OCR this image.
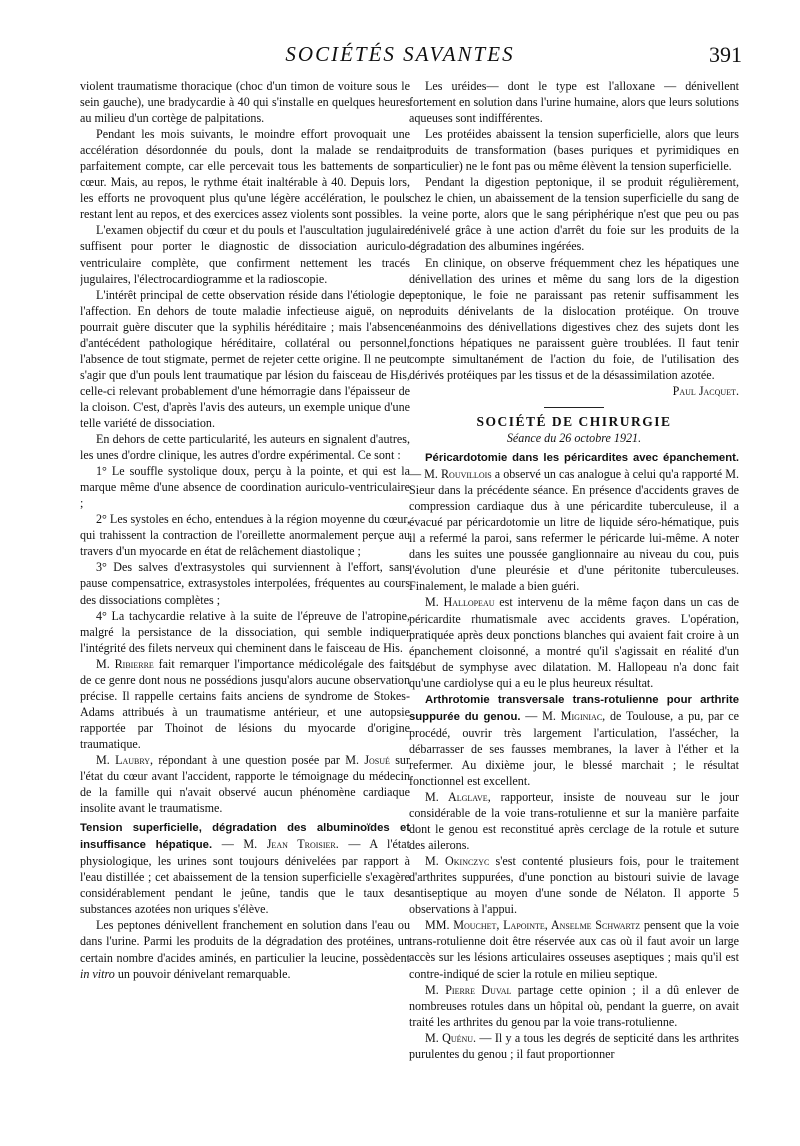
SOCIÉTÉS SAVANTES	391

violent traumatisme thoracique (choc d'un timon de voiture sous le sein gauche), une bradycardie à 40 qui s'installe en quelques heures au milieu d'un cortège de palpitations.

Pendant les mois suivants, le moindre effort provoquait une accélération désordonnée du pouls, dont la malade se rendait parfaitement compte, car elle percevait tous les battements de son cœur. Mais, au repos, le rythme était inaltérable à 40. Depuis lors, les efforts ne provoquent plus qu'une légère accélération, le pouls restant lent au repos, et des exercices assez violents sont possibles.

L'examen objectif du cœur et du pouls et l'auscultation jugulaire suffisent pour porter le diagnostic de dissociation auriculo-ventriculaire complète, que confirment nettement les tracés jugulaires, l'électrocardiogramme et la radioscopie.

L'intérêt principal de cette observation réside dans l'étiologie de l'affection. En dehors de toute maladie infectieuse aiguë, on ne pourrait guère discuter que la syphilis héréditaire ; mais l'absence d'antécédent pathologique héréditaire, collatéral ou personnel, l'absence de tout stigmate, permet de rejeter cette origine. Il ne peut s'agir que d'un pouls lent traumatique par lésion du faisceau de His, celle-ci relevant probablement d'une hémorragie dans l'épaisseur de la cloison. C'est, d'après l'avis des auteurs, un exemple unique d'une telle variété de dissociation.

En dehors de cette particularité, les auteurs en signalent d'autres, les unes d'ordre clinique, les autres d'ordre expérimental. Ce sont :

1° Le souffle systolique doux, perçu à la pointe, et qui est la marque même d'une absence de coordination auriculo-ventriculaire ;

2° Les systoles en écho, entendues à la région moyenne du cœur, qui trahissent la contraction de l'oreillette anormalement perçue au travers d'un myocarde en état de relâchement diastolique ;

3° Des salves d'extrasystoles qui surviennent à l'effort, sans pause compensatrice, extrasystoles interpolées, fréquentes au cours des dissociations complètes ;

4° La tachycardie relative à la suite de l'épreuve de l'atropine, malgré la persistance de la dissociation, qui semble indiquer l'intégrité des filets nerveux qui cheminent dans le faisceau de His.

M. Ribierre fait remarquer l'importance médicolégale des faits de ce genre dont nous ne possédions jusqu'alors aucune observation précise. Il rappelle certains faits anciens de syndrome de Stokes-Adams attribués à un traumatisme antérieur, et une autopsie rapportée par Thoinot de lésions du myocarde d'origine traumatique.

M. Laubry, répondant à une question posée par M. Josué sur l'état du cœur avant l'accident, rapporte le témoignage du médecin de la famille qui n'avait observé aucun phénomène cardiaque insolite avant le traumatisme.

Tension superficielle, dégradation des albuminoïdes et insuffisance hépatique. — M. Jean Troisier. — A l'état physiologique, les urines sont toujours dénivelées par rapport à l'eau distillée ; cet abaissement de la tension superficielle s'exagère considérablement pendant le jeûne, tandis que le taux des substances azotées non uriques s'élève.

Les peptones dénivellent franchement en solution dans l'eau ou dans l'urine. Parmi les produits de la dégradation des protéines, un certain nombre d'acides aminés, en particulier la leucine, possèdent in vitro un pouvoir dénivelant remarquable.

Les uréides— dont le type est l'alloxane — dénivellent fortement en solution dans l'urine humaine, alors que leurs solutions aqueuses sont indifférentes.

Les protéides abaissent la tension superficielle, alors que leurs produits de transformation (bases puriques et pyrimidiques en particulier) ne le font pas ou même élèvent la tension superficielle.

Pendant la digestion peptonique, il se produit régulièrement, chez le chien, un abaissement de la tension superficielle du sang de la veine porte, alors que le sang périphérique n'est que peu ou pas dénivelé grâce à une action d'arrêt du foie sur les produits de la dégradation des albumines ingérées.

En clinique, on observe fréquemment chez les hépatiques une dénivellation des urines et même du sang lors de la digestion peptonique, le foie ne paraissant pas retenir suffisamment les produits dénivelants de la dislocation protéique. On trouve néanmoins des dénivellations digestives chez des sujets dont les fonctions hépatiques ne paraissent guère troublées. Il faut tenir compte simultanément de l'action du foie, de l'utilisation des dérivés protéiques par les tissus et de la désassimilation azotée.

Paul Jacquet.

SOCIÉTÉ DE CHIRURGIE

Séance du 26 octobre 1921.

Péricardotomie dans les péricardites avec épanchement. — M. Rouvillois a observé un cas analogue à celui qu'a rapporté M. Sieur dans la précédente séance. En présence d'accidents graves de compression cardiaque dus à une péricardite tuberculeuse, il a évacué par péricardotomie un litre de liquide séro-hématique, puis il a refermé la paroi, sans refermer le péricarde lui-même. A noter dans les suites une poussée ganglionnaire au niveau du cou, puis l'évolution d'une pleurésie et d'une péritonite tuberculeuses. Finalement, le malade a bien guéri.

M. Hallopeau est intervenu de la même façon dans un cas de péricardite rhumatismale avec accidents graves. L'opération, pratiquée après deux ponctions blanches qui avaient fait croire à un épanchement cloisonné, a montré qu'il s'agissait en réalité d'un début de symphyse avec dilatation. M. Hallopeau n'a donc fait qu'une cardiolyse qui a eu le plus heureux résultat.

Arthrotomie transversale trans-rotulienne pour arthrite suppurée du genou. — M. Miginiac, de Toulouse, a pu, par ce procédé, ouvrir très largement l'articulation, l'assécher, la débarrasser de ses fausses membranes, la laver à l'éther et la refermer. Au dixième jour, le blessé marchait ; le résultat fonctionnel est excellent.

M. Alglave, rapporteur, insiste de nouveau sur le jour considérable de la voie trans-rotulienne et sur la manière parfaite dont le genou est reconstitué après cerclage de la rotule et suture des ailerons.

M. Okinczyc s'est contenté plusieurs fois, pour le traitement d'arthrites suppurées, d'une ponction au bistouri suivie de lavage antiseptique au moyen d'une sonde de Nélaton. Il apporte 5 observations à l'appui.

MM. Mouchet, Lapointe, Anselme Schwartz pensent que la voie trans-rotulienne doit être réservée aux cas où il faut avoir un large accès sur les lésions articulaires osseuses aseptiques ; mais qu'il est contre-indiqué de scier la rotule en milieu septique.

M. Pierre Duval partage cette opinion ; il a dû enlever de nombreuses rotules dans un hôpital où, pendant la guerre, on avait traité les arthrites du genou par la voie trans-rotulienne.

M. Quénu. — Il y a tous les degrés de septicité dans les arthrites purulentes du genou ; il faut proportionner
